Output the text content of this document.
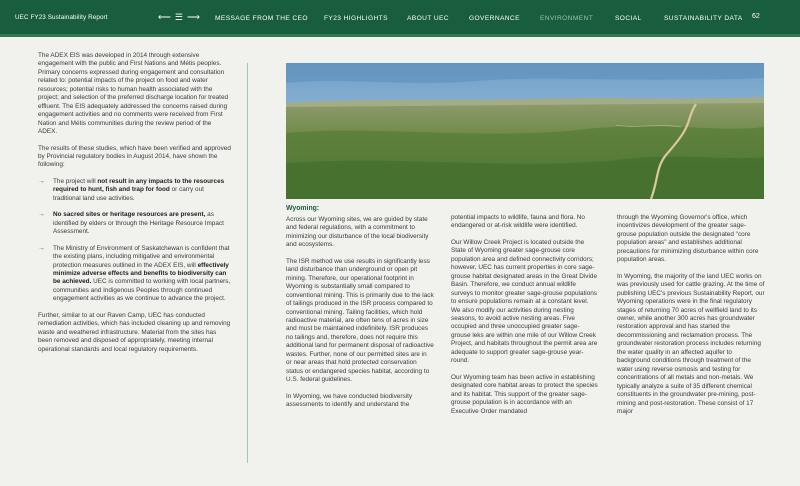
UEC FY23 Sustainability Report	⟵ ☰ ⟶ MESSAGE FROM THE CEO FY23 HIGHLIGHTS	ABOUT UEC	GOVERNANCE	ENVIRONMENT	SOCIAL	SUSTAINABILITY DATA 62

The ADEX EIS was developed in 2014 through extensive engagement with the public and First Nations and Métis peoples. Primary concerns expressed during engagement and consultation related to: potential impacts of the project on food and water resources; potential risks to human health associated with the project; and selection of the preferred discharge location for treated effluent. The EIS adequately addressed the concerns raised during engagement activities and no comments were received from First Nation and Métis communities during the review period of the ADEX.

The results of these studies, which have been verified and approved by Provincial regulatory bodies in August 2014, have shown the following:

→ The project will not result in any impacts to the resources required to hunt, fish and trap for food or carry out traditional land use activities.
→ No sacred sites or heritage resources are present, as identified by elders or through the Heritage Resource Impact Assessment.
→ The Ministry of Environment of Saskatchewan is confident that the existing plans, including mitigative and environmental protection measures outlined in the ADEX EIS, will effectively minimize adverse effects and benefits to biodiversity can be achieved. UEC is committed to working with local partners, communities and Indigenous Peoples through continued engagement activities as we continue to advance the project.

Further, similar to at our Raven Camp, UEC has conducted remediation activities, which has included cleaning up and removing waste and weathered infrastructure. Material from the sites has been removed and disposed of appropriately, meeting internal operational standards and local regulatory requirements.

Wyoming:

Across our Wyoming sites, we are guided by state and federal regulations, with a commitment to minimizing our disturbance of the local biodiversity and ecosystems.

The ISR method we use results in significantly less land disturbance than underground or open pit mining. Therefore, our operational footprint in Wyoming is substantially small compared to conventional mining. This is primarily due to the lack of tailings produced in the ISR process compared to conventional mining. Tailing facilities, which hold radioactive material, are often tens of acres in size and must be maintained indefinitely. ISR produces no tailings and, therefore, does not require this additional land for permanent disposal of radioactive wastes. Further, none of our permitted sites are in or near areas that hold protected conservation status or endangered species habitat, according to U.S. federal guidelines.

In Wyoming, we have conducted biodiversity assessments to identify and understand the

potential impacts to wildlife, fauna and flora. No endangered or at-risk wildlife were identified.

Our Willow Creek Project is located outside the State of Wyoming greater sage-grouse core population area and defined connectivity corridors; however, UEC has current properties in core sage-grouse habitat designated areas in the Great Divide Basin. Therefore, we conduct annual wildlife surveys to monitor greater sage-grouse populations to ensure populations remain at a constant level. We also modify our activities during nesting seasons, to avoid active nesting areas. Five occupied and three unoccupied greater sage-grouse leks are within one mile of our Willow Creek Project, and habitats throughout the permit area are adequate to support greater sage-grouse year-round.

Our Wyoming team has been active in establishing designated core habitat areas to protect the species and its habitat. This support of the greater sage-grouse population is in accordance with an Executive Order mandated

through the Wyoming Governor's office, which incentivizes development of the greater sage-grouse population outside the designated "core population areas" and establishes additional precautions for minimizing disturbance within core population areas.

In Wyoming, the majority of the land UEC works on was previously used for cattle grazing. At the time of publishing UEC's previous Sustainability Report, our Wyoming operations were in the final regulatory stages of returning 70 acres of wellfield land to its owner, while another 300 acres has groundwater restoration approval and has started the decommissioning and reclamation process. The groundwater restoration process includes returning the water quality in an affected aquifer to background conditions through treatment of the water using reverse osmosis and testing for concentrations of all metals and non-metals. We typically analyze a suite of 35 different chemical constituents in the groundwater pre-mining, post-mining and post-restoration. These consist of 17 major
